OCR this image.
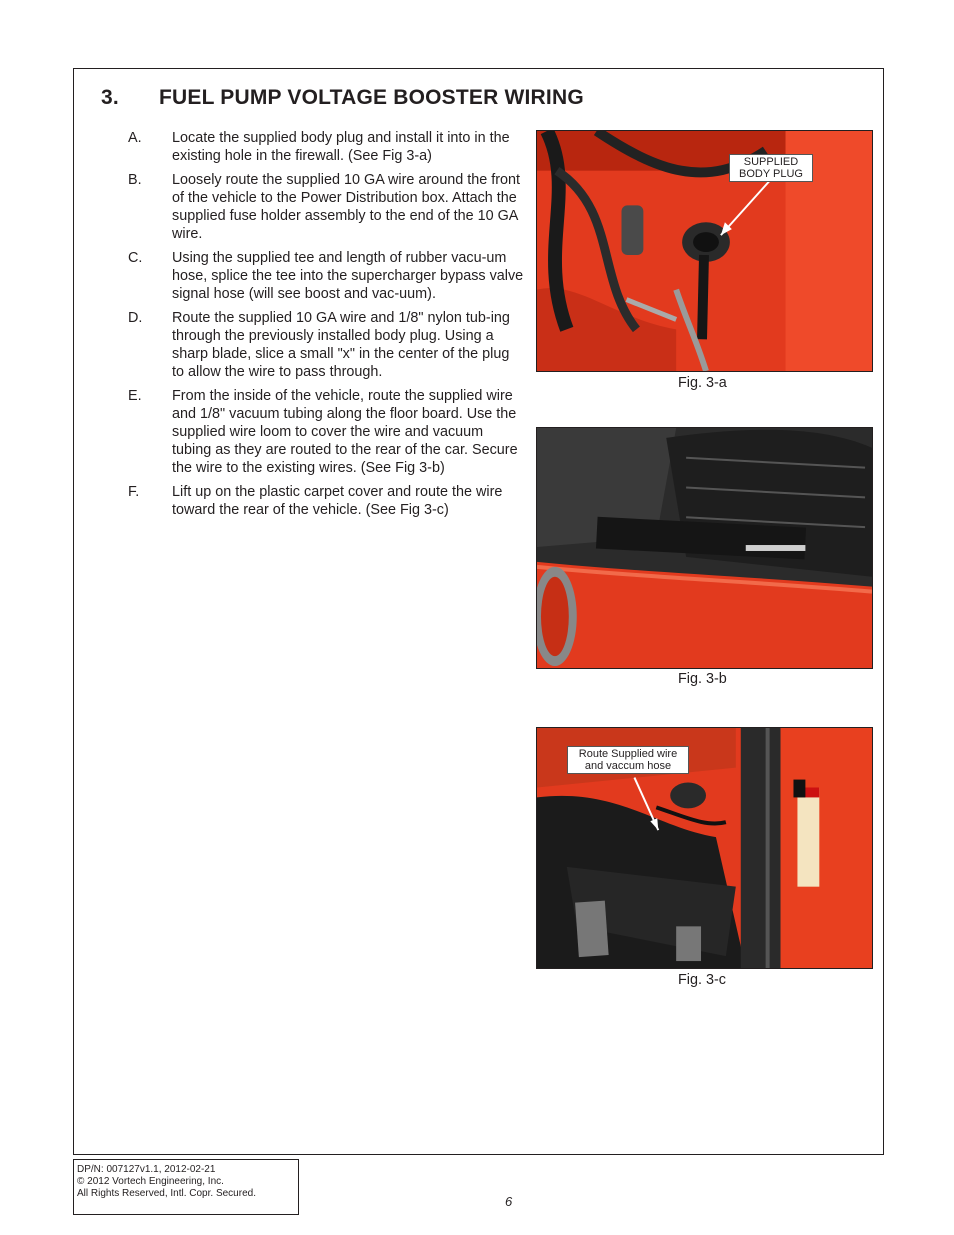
3.	FUEL PUMP VOLTAGE BOOSTER WIRING
A.	Locate the supplied body plug and install it into in the existing hole in the firewall. (See Fig 3-a)
B.	Loosely route the supplied 10 GA wire around the front of the vehicle to the Power Distribution box. Attach the supplied fuse holder assembly to the end of the 10 GA wire.
C.	Using the supplied tee and length of rubber vacu-um hose, splice the tee into the supercharger bypass valve signal hose (will see boost and vac-uum).
D.	Route the supplied 10 GA wire and 1/8" nylon tub-ing through the previously installed body plug. Using a sharp blade, slice a small "x" in the center of the plug to allow the wire to pass through.
E.	From the inside of the vehicle, route the supplied wire and 1/8" vacuum tubing along the floor board. Use the supplied wire loom to cover the wire and vacuum tubing as they are routed to the rear of the car. Secure the wire to the existing wires. (See Fig 3-b)
F.	Lift up on the plastic carpet cover and route the wire toward the rear of the vehicle. (See Fig 3-c)
SUPPLIED
BODY PLUG
Fig. 3-a
Fig. 3-b
Route Supplied wire
and vaccum hose
Fig. 3-c
DP/N: 007127v1.1, 2012-02-21
© 2012 Vortech Engineering, Inc.
All Rights Reserved, Intl. Copr. Secured.
6
